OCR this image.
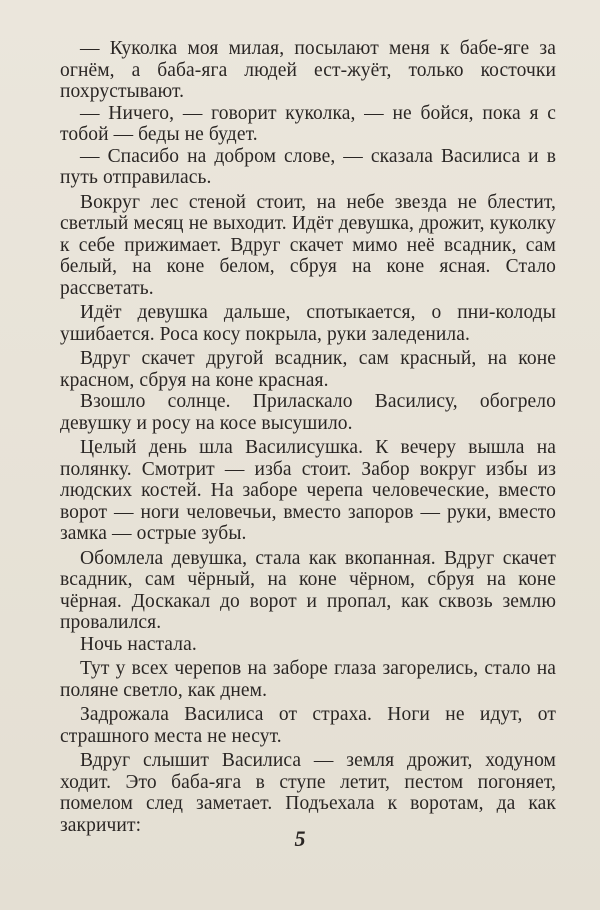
— Куколка моя милая, посылают меня к бабе-яге за огнём, а баба-яга людей ест-жуёт, только косточки похрустывают.

— Ничего, — говорит куколка, — не бойся, пока я с тобой — беды не будет.

— Спасибо на добром слове, — сказала Василиса и в путь отправилась.

Вокруг лес стеной стоит, на небе звезда не блестит, светлый месяц не выходит. Идёт девушка, дрожит, куколку к себе прижимает. Вдруг скачет мимо неё всадник, сам белый, на коне белом, сбруя на коне ясная. Стало рассветать.

Идёт девушка дальше, спотыкается, о пни-колоды ушибается. Роса косу покрыла, руки заледенила.

Вдруг скачет другой всадник, сам красный, на коне красном, сбруя на коне красная.

Взошло солнце. Приласкало Василису, обогрело девушку и росу на косе высушило.

Целый день шла Василисушка. К вечеру вышла на полянку. Смотрит — изба стоит. Забор вокруг избы из людских костей. На заборе черепа человеческие, вместо ворот — ноги человечьи, вместо запоров — руки, вместо замка — острые зубы.

Обомлела девушка, стала как вкопанная. Вдруг скачет всадник, сам чёрный, на коне чёрном, сбруя на коне чёрная. Доскакал до ворот и пропал, как сквозь землю провалился.

Ночь настала.

Тут у всех черепов на заборе глаза загорелись, стало на поляне светло, как днем.

Задрожала Василиса от страха. Ноги не идут, от страшного места не несут.

Вдруг слышит Василиса — земля дрожит, ходуном ходит. Это баба-яга в ступе летит, пестом погоняет, помелом след заметает. Подъехала к воротам, да как закричит:

5
